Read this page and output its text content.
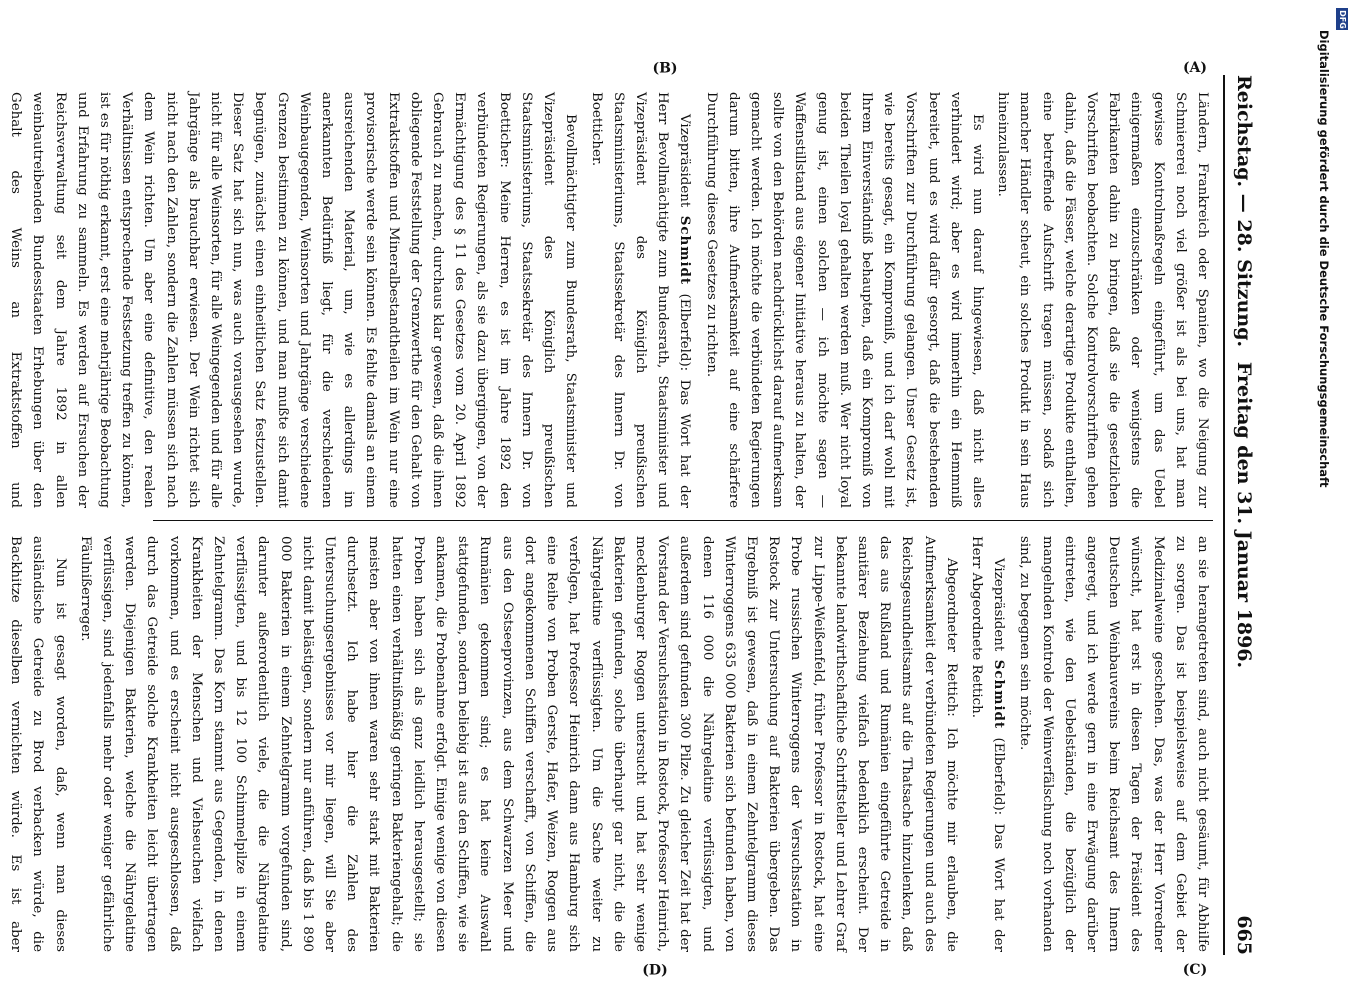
Reichstag. — 28. Sitzung.
Freitag den 31. Januar 1896.
665
(A)
(B)
(C)
(D)

Ländern, Frankreich oder Spanien, wo die Neigung zur Schmiererei noch viel größer ist als bei uns, hat man gewisse Kontrolmaßregeln eingeführt, um das Uebel einigermaßen einzuschränken oder wenigstens die Fabrikanten dahin zu bringen, daß sie die gesetzlichen Vorschriften beobachten. Solche Kontrolvorschriften gehen dahin, daß die Fässer, welche derartige Produkte enthalten, eine betreffende Aufschrift tragen müssen, sodaß sich mancher Händler scheut, ein solches Produkt in sein Haus hineinzulassen.

Es wird nun darauf hingewiesen, daß nicht alles verhindert wird; aber es wird immerhin ein Hemmniß bereitet, und es wird dafür gesorgt, daß die bestehenden Vorschriften zur Durchführung gelangen. Unser Gesetz ist, wie bereits gesagt, ein Kompromiß, und ich darf wohl mit Ihrem Einverständniß behaupten, daß ein Kompromiß von beiden Theilen loyal gehalten werden muß. Wer nicht loyal genug ist, einen solchen — ich möchte sagen — Waffenstillstand aus eigener Initiative heraus zu halten, der sollte von den Behörden nachdrücklichst darauf aufmerksam gemacht werden. Ich möchte die verbündeten Regierungen darum bitten, ihre Aufmerksamkeit auf eine schärfere Durchführung dieses Gesetzes zu richten.

Vizepräsident Schmidt (Elberfeld): Das Wort hat der Herr Bevollmächtigte zum Bundesrath, Staatsminister und Vizepräsident des Königlich preußischen Staatsministeriums, Staatssekretär des Innern Dr. von Boetticher.

Bevollmächtigter zum Bundesrath, Staatsminister und Vizepräsident des Königlich preußischen Staatsministeriums, Staatssekretär des Innern Dr. von Boetticher: Meine Herren, es ist im Jahre 1892 den verbündeten Regierungen, als sie dazu übergingen, von der Ermächtigung des § 11 des Gesetzes vom 20. April 1892 Gebrauch zu machen, durchaus klar gewesen, daß die ihnen obliegende Feststellung der Grenzwerthe für den Gehalt von Extraktstoffen und Mineralbestandtheilen im Wein nur eine provisorische werde sein können. Es fehlte damals an einem ausreichenden Material, um, wie es allerdings im anerkannten Bedürfniß liegt, für die verschiedenen Weinbaugegenden, Weinsorten und Jahrgänge verschiedene Grenzen bestimmen zu können, und man mußte sich damit begnügen, zunächst einen einheitlichen Satz festzustellen. Dieser Satz hat sich nun, was auch vorausgesehen wurde, nicht für alle Weinsorten, für alle Weingegenden und für alle Jahrgänge als brauchbar erwiesen. Der Wein richtet sich nicht nach den Zahlen, sondern die Zahlen müssen sich nach dem Wein richten. Um aber eine definitive, den realen Verhältnissen entsprechende Festsetzung treffen zu können, ist es für nöthig erkannt, erst eine mehrjährige Beobachtung und Erfahrung zu sammeln. Es werden auf Ersuchen der Reichsverwaltung seit dem Jahre 1892 in allen weinbautreibenden Bundesstaaten Erhebungen über den Gehalt des Weins an Extraktstoffen und

an sie herangetreten sind, auch nicht gesäumt, für Abhilfe zu sorgen. Das ist beispielsweise auf dem Gebiet der Medizinalweine geschehen. Das, was der Herr Vorredner wünscht, hat erst in diesen Tagen der Präsident des Deutschen Weinbauvereins beim Reichsamt des Innern angeregt, und ich werde gern in eine Erwägung darüber eintreten, wie den Uebelständen, die bezüglich der mangelnden Kontrole der Weinverfälschung noch vorhanden sind, zu begegnen sein möchte.

Vizepräsident Schmidt (Elberfeld): Das Wort hat der Herr Abgeordnete Rettich.

Abgeordneter Rettich: Ich möchte mir erlauben, die Aufmerksamkeit der verbündeten Regierungen und auch des Reichsgesundheitsamts auf die Thatsache hinzulenken, daß das aus Rußland und Rumänien eingeführte Getreide in sanitärer Beziehung vielfach bedenklich erscheint. Der bekannte landwirthschaftliche Schriftsteller und Lehrer Graf zur Lippe-Weißenfeld, früher Professor in Rostock, hat eine Probe russischen Winterroggens der Versuchsstation in Rostock zur Untersuchung auf Bakterien übergeben. Das Ergebniß ist gewesen, daß in einem Zehntelgramm dieses Winterroggens 635 000 Bakterien sich befunden haben, von denen 116 000 die Nährgelatine verflüssigten, und außerdem sind gefunden 300 Pilze. Zu gleicher Zeit hat der Vorstand der Versuchsstation in Rostock, Professor Heinrich, mecklenburger Roggen untersucht und hat sehr wenige Bakterien gefunden, solche überhaupt gar nicht, die die Nährgelatine verflüssigten. Um die Sache weiter zu verfolgen, hat Professor Heinrich dann aus Hamburg sich eine Reihe von Proben Gerste, Hafer, Weizen, Roggen aus dort angekommenen Schiffen verschafft, von Schiffen, die aus den Ostseeprovinzen, aus dem Schwarzen Meer und Rumänien gekommen sind; es hat keine Auswahl stattgefunden, sondern beliebig ist aus den Schiffen, wie sie ankamen, die Probenahme erfolgt. Einige wenige von diesen Proben haben sich als ganz leidlich herausgestellt; sie hatten einen verhältnißmäßig geringen Bakteriengehalt; die meisten aber von ihnen waren sehr stark mit Bakterien durchsetzt. Ich habe hier die Zahlen des Untersuchungsergebnisses vor mir liegen, will Sie aber nicht damit belästigen, sondern nur anführen, daß bis 1 890 000 Bakterien in einem Zehntelgramm vorgefunden sind, darunter außerordentlich viele, die die Nährgelatine verflüssigten, und bis 12 100 Schimmelpilze in einem Zehntelgramm. Das Korn stammt aus Gegenden, in denen Krankheiten der Menschen und Viehseuchen vielfach vorkommen, und es erscheint nicht ausgeschlossen, daß durch das Getreide solche Krankheiten leicht übertragen werden. Diejenigen Bakterien, welche die Nährgelatine verflüssigen, sind jedenfalls mehr oder weniger gefährliche Fäulnißerreger.

Nun ist gesagt worden, daß, wenn man dieses ausländische Getreide zu Brod verbacken würde, die Backhitze dieselben vernichten würde. Es ist aber

DFG
Digitalisierung gefördert durch die Deutsche Forschungsgemeinschaft
